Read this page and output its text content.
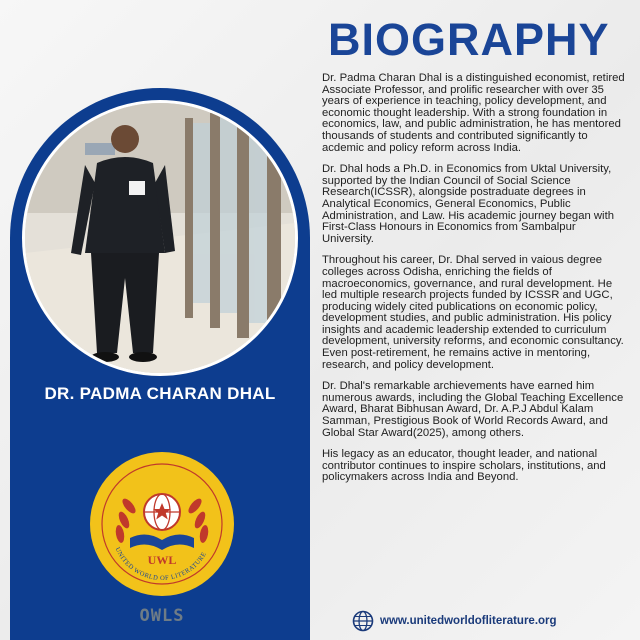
DR. PADMA CHARAN DHAL
UWL
UNITED WORLD OF LITERATURE
OWLS
BIOGRAPHY

Dr. Padma Charan Dhal is a distinguished economist, retired Associate Professor, and prolific researcher with over 35 years of experience in teaching, policy development, and economic thought leadership. With a strong foundation in economics, law, and public administration, he has mentored thousands of students and contributed significantly to acdemic and policy reform across India.

Dr. Dhal hods a Ph.D. in Economics from Uktal University, supported by the Indian Council of Social Science Research(ICSSR), alongside postraduate degrees in Analytical Economics, General Economics, Public Administration, and Law. His academic journey began with First-Class Honours in Economics from Sambalpur University.

Throughout his career, Dr. Dhal served in vaious degree colleges across Odisha, enriching the fields of macroeconomics, governance, and rural development. He led multiple research projects funded by ICSSR and UGC, producing widely cited publications on economic policy, development studies, and public administration. His policy insights and academic leadership extended to curriculum development, university reforms, and economic consultancy. Even post-retirement, he remains active in mentoring, research, and policy development.

Dr. Dhal's remarkable archievements have earned him numerous awards, including the Global Teaching Excellence Award, Bharat Bibhusan Award, Dr. A.P.J Abdul Kalam Samman, Prestigious Book of World Records Award, and Global Star Award(2025), among others.

His legacy as an educator, thought leader, and national contributor continues to inspire scholars, institutions, and policymakers across India and Beyond.

www.unitedworldofliterature.org
